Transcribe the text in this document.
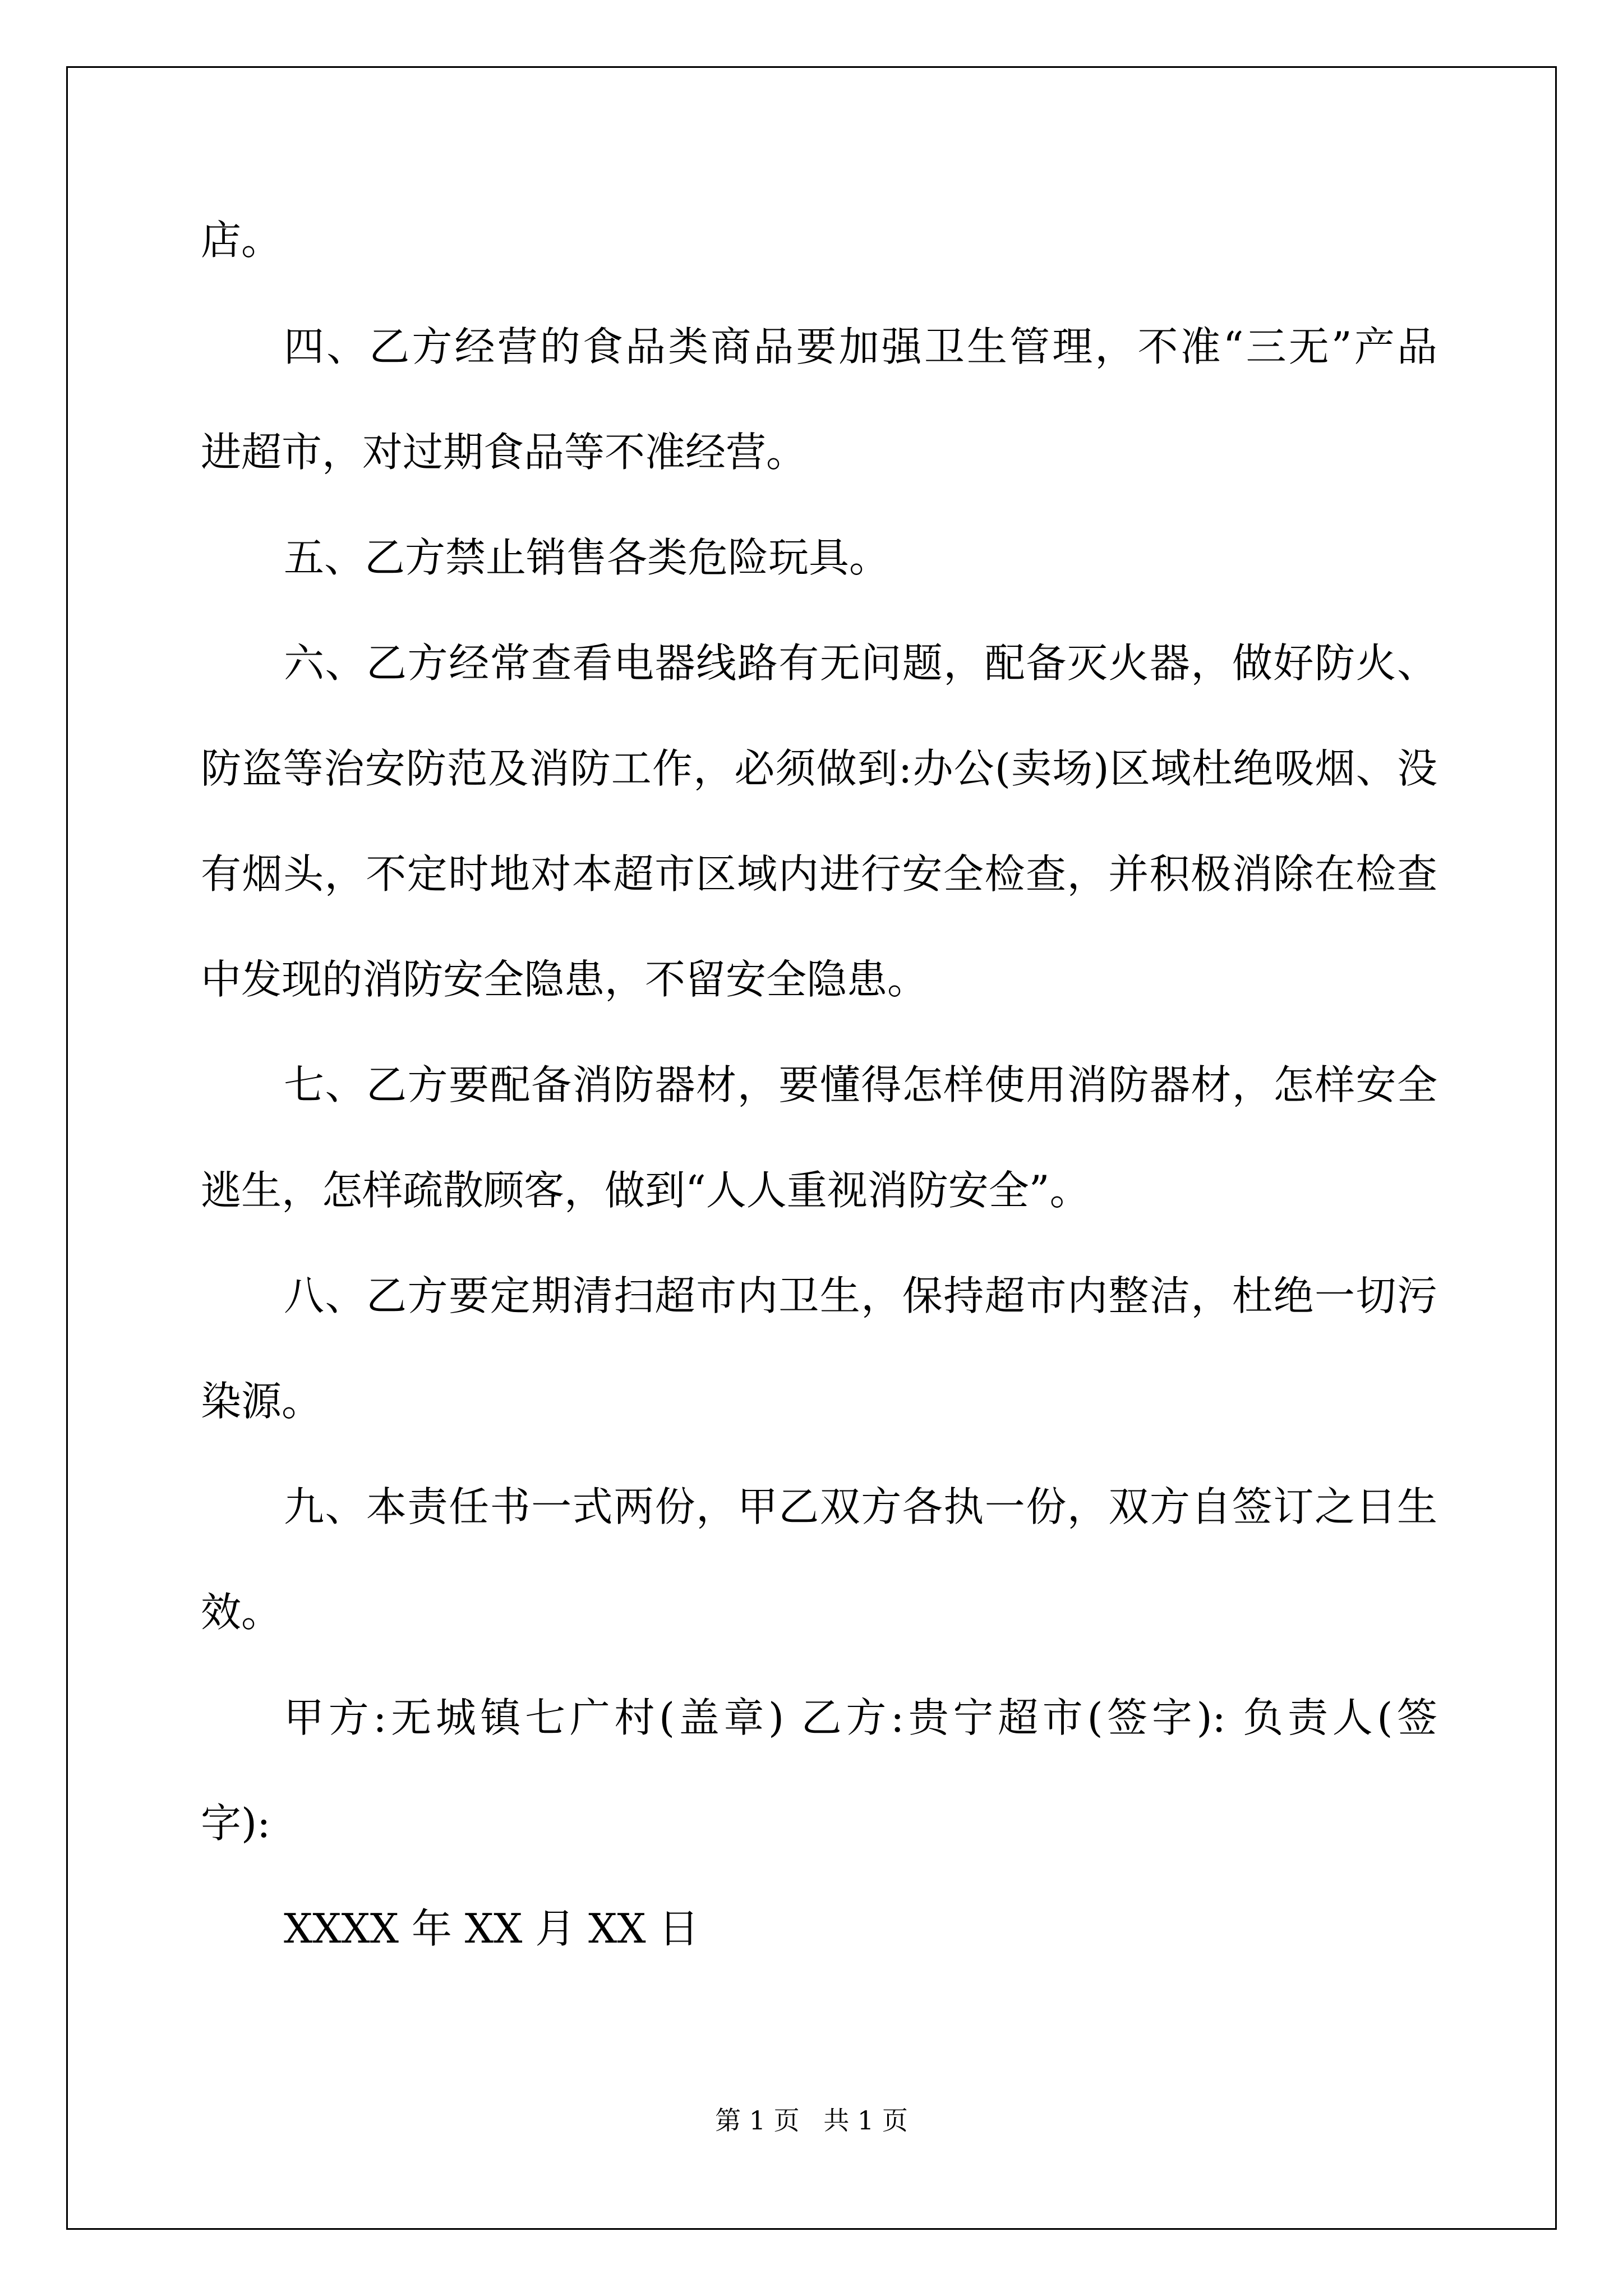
店。
四、乙方经营的食品类商品要加强卫生管理，不准“三无”产品
进超市，对过期食品等不准经营。
五、乙方禁止销售各类危险玩具。
六、乙方经常查看电器线路有无问题，配备灭火器，做好防火、
防盗等治安防范及消防工作，必须做到:办公(卖场)区域杜绝吸烟、没
有烟头，不定时地对本超市区域内进行安全检查，并积极消除在检查
中发现的消防安全隐患，不留安全隐患。
七、乙方要配备消防器材，要懂得怎样使用消防器材，怎样安全
逃生，怎样疏散顾客，做到“人人重视消防安全”。
八、乙方要定期清扫超市内卫生，保持超市内整洁，杜绝一切污
染源。
九、本责任书一式两份，甲乙双方各执一份，双方自签订之日生
效。
甲方:无城镇七广村(盖章) 乙方:贵宁超市(签字): 负责人(签
字):
XXXX 年 XX 月 XX 日
第 1 页 共 1 页
